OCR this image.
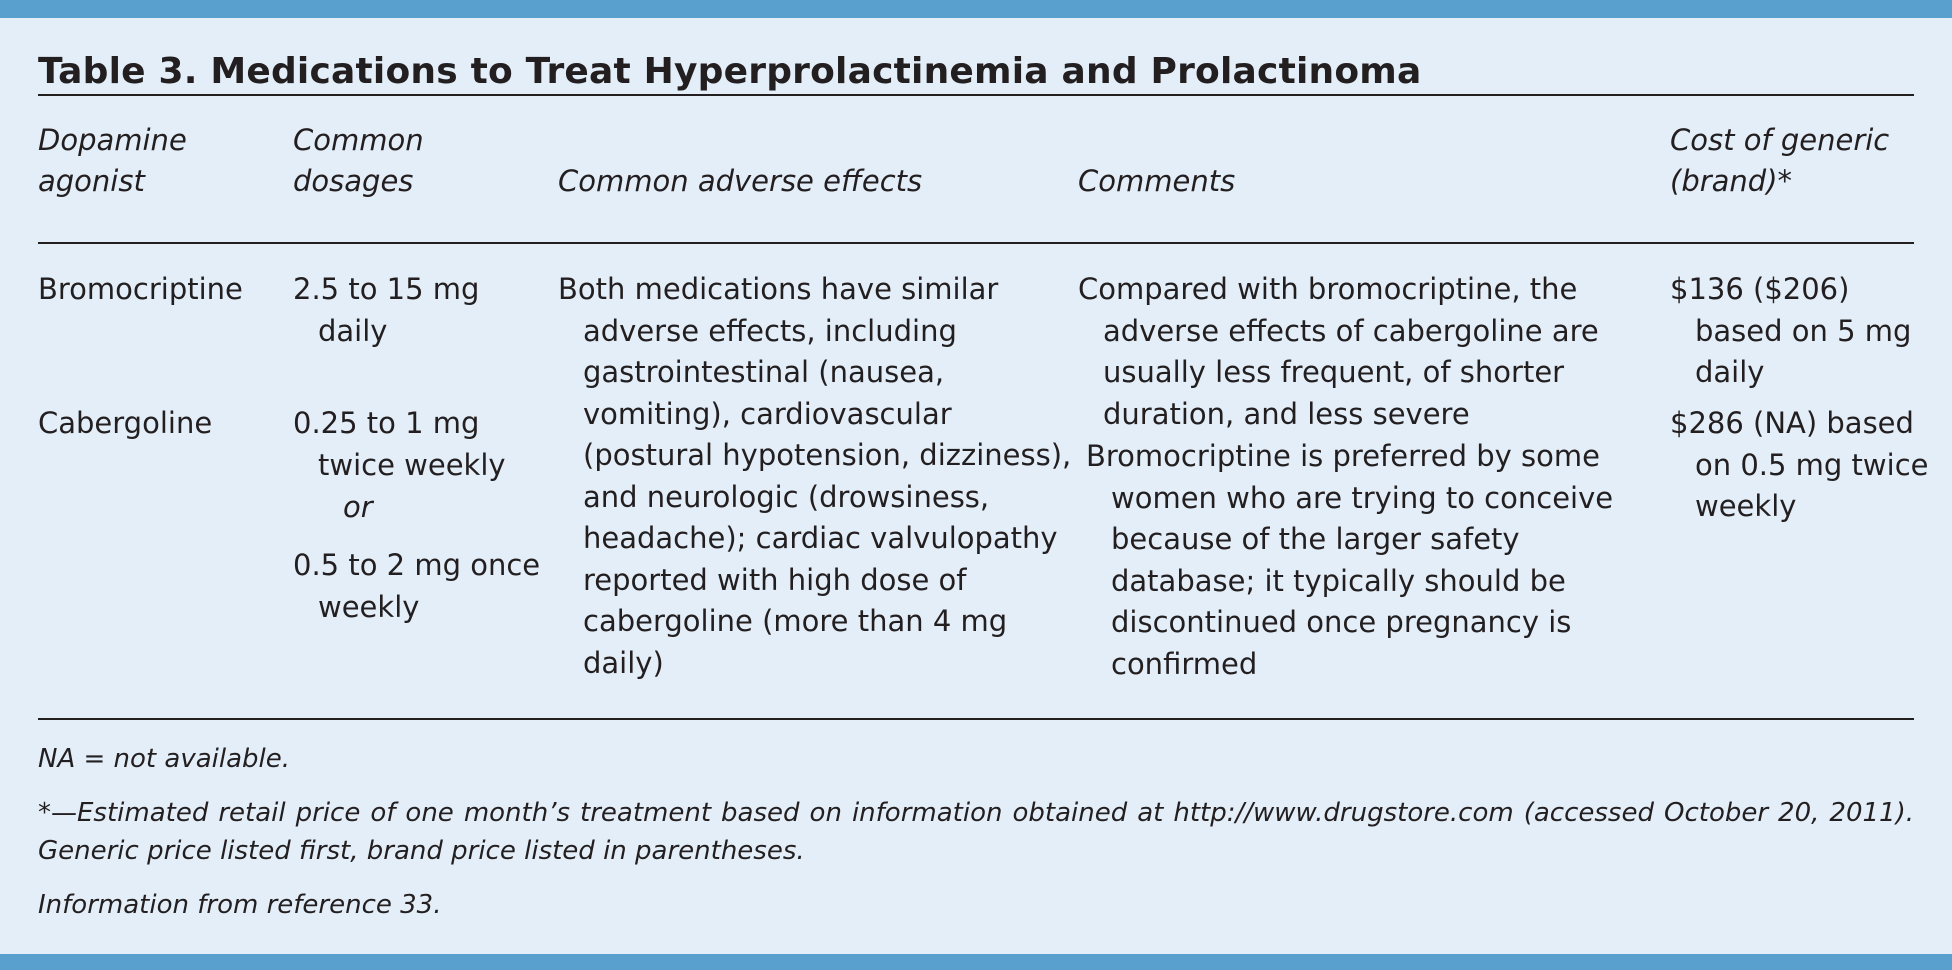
Table 3. Medications to Treat Hyperprolactinemia and Prolactinoma
Dopamine
agonist
Common
dosages	Common adverse effects	Comments
Cost of generic
(brand)*
Bromocriptine
Cabergoline
2.5 to 15 mg daily
0.25 to 1 mg twice weekly
or
0.5 to 2 mg once weekly
Both medications have similar adverse effects, including gastrointestinal (nausea, vomiting), cardiovascular (postural hypotension, dizziness), and neurologic (drowsiness, headache); cardiac valvulopathy reported with high dose of cabergoline (more than 4 mg daily)
Compared with bromocriptine, the adverse effects of cabergoline are usually less frequent, of shorter duration, and less severe
Bromocriptine is preferred by some women who are trying to conceive because of the larger safety database; it typically should be discontinued once pregnancy is confirmed
$136 ($206) based on 5 mg daily
$286 (NA) based on 0.5 mg twice weekly
NA = not available.
*—Estimated retail price of one month’s treatment based on information obtained at http://www.drugstore.com (accessed October 20, 2011). Generic price listed first, brand price listed in parentheses.
Information from reference 33.
